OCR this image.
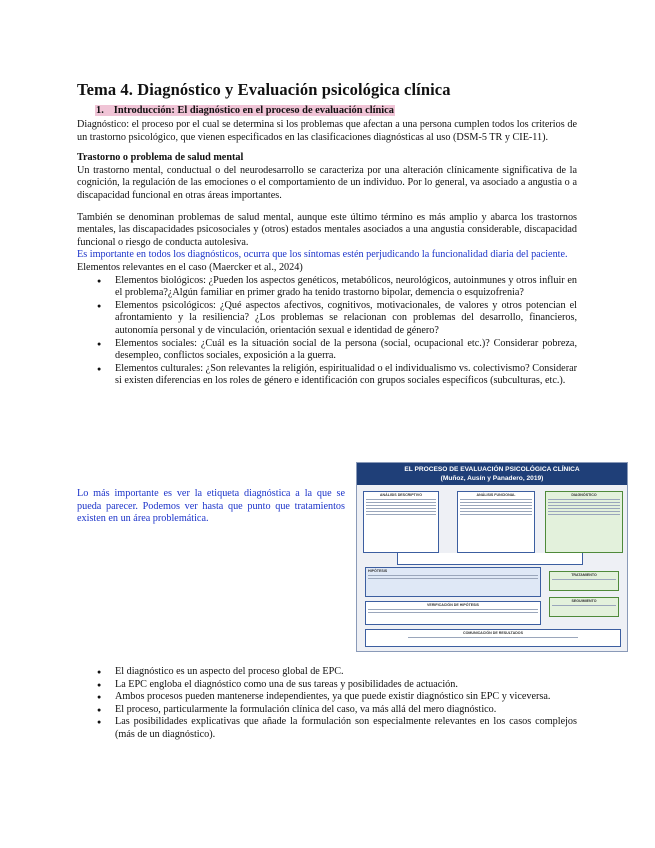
Tema 4. Diagnóstico y Evaluación psicológica clínica
1. Introducción: El diagnóstico en el proceso de evaluación clínica

Diagnóstico: el proceso por el cual se determina si los problemas que afectan a una persona cumplen todos los criterios de un trastorno psicológico, que vienen especificados en las clasificaciones diagnósticas al uso (DSM-5 TR y CIE-11).

Trastorno o problema de salud mental

Un trastorno mental, conductual o del neurodesarrollo se caracteriza por una alteración clínicamente significativa de la cognición, la regulación de las emociones o el comportamiento de un individuo. Por lo general, va asociado a angustia o a discapacidad funcional en otras áreas importantes.

También se denominan problemas de salud mental, aunque este último término es más amplio y abarca los trastornos mentales, las discapacidades psicosociales y (otros) estados mentales asociados a una angustia considerable, discapacidad funcional o riesgo de conducta autolesiva.

Es importante en todos los diagnósticos, ocurra que los síntomas estén perjudicando la funcionalidad diaria del paciente.

Elementos relevantes en el caso (Maercker et al., 2024)

● Elementos biológicos: ¿Pueden los aspectos genéticos, metabólicos, neurológicos, autoinmunes y otros influir en el problema?¿Algún familiar en primer grado ha tenido trastorno bipolar, demencia o esquizofrenia?
● Elementos psicológicos: ¿Qué aspectos afectivos, cognitivos, motivacionales, de valores y otros potencian el afrontamiento y la resiliencia? ¿Los problemas se relacionan con problemas del desarrollo, financieros, autonomía personal y de vinculación, orientación sexual e identidad de género?
● Elementos sociales: ¿Cuál es la situación social de la persona (social, ocupacional etc.)? Considerar pobreza, desempleo, conflictos sociales, exposición a la guerra.
● Elementos culturales: ¿Son relevantes la religión, espiritualidad o el individualismo vs. colectivismo? Considerar si existen diferencias en los roles de género e identificación con grupos sociales específicos (subculturas, etc.).

Lo más importante es ver la etiqueta diagnóstica a la que se pueda parecer. Podemos ver hasta que punto que tratamientos existen en un área problemática.

EL PROCESO DE EVALUACIÓN PSICOLÓGICA CLÍNICA
(Muñoz, Ausín y Panadero, 2019)
ANÁLISIS DESCRIPTIVO	ANÁLISIS FUNCIONAL	DIAGNÓSTICO
HIPÓTESIS
VERIFICACIÓN DE HIPÓTESIS
TRATAMIENTO
SEGUIMIENTO
COMUNICACIÓN DE RESULTADOS
● El diagnóstico es un aspecto del proceso global de EPC.
● La EPC engloba el diagnóstico como una de sus tareas y posibilidades de actuación.
● Ambos procesos pueden mantenerse independientes, ya que puede existir diagnóstico sin EPC y viceversa.
● El proceso, particularmente la formulación clínica del caso, va más allá del mero diagnóstico.
● Las posibilidades explicativas que añade la formulación son especialmente relevantes en los casos complejos (más de un diagnóstico).
